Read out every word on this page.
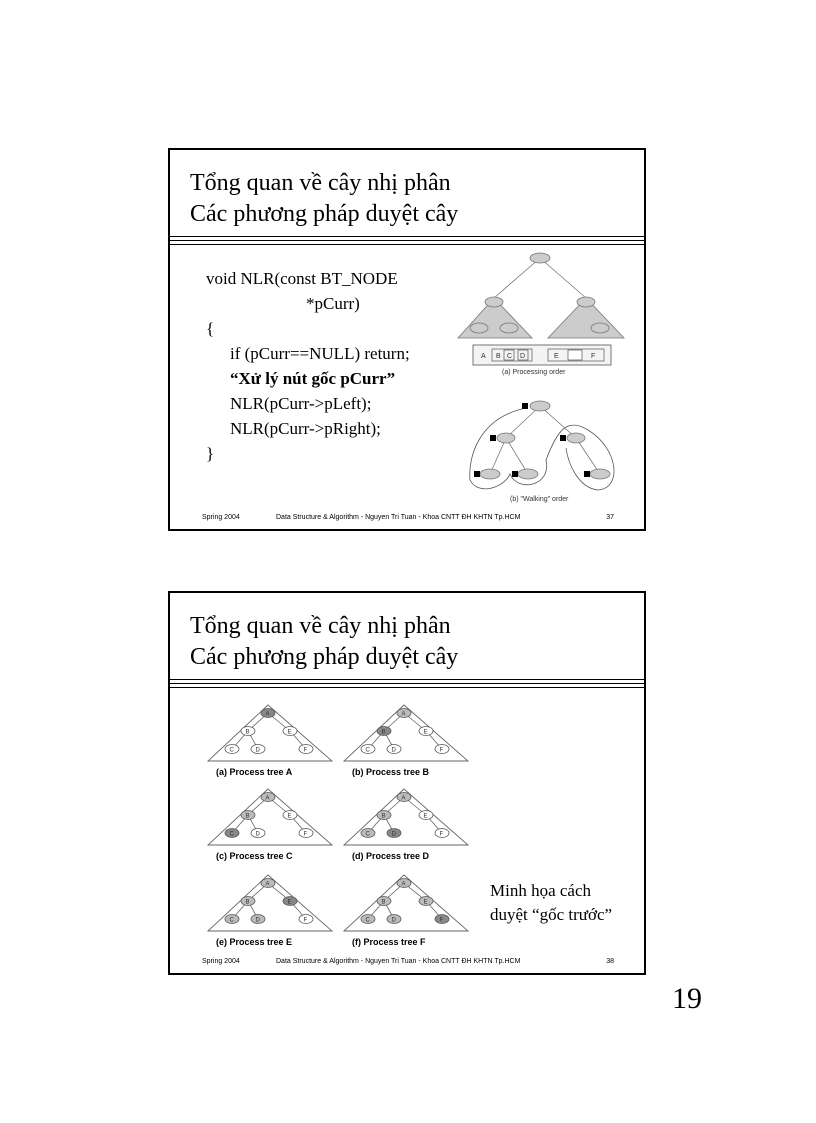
Tổng quan về cây nhị phân
Các phương pháp duyệt cây
void NLR(const BT_NODE
*pCurr)
{
if (pCurr==NULL) return;
“Xử lý nút gốc pCurr”
NLR(pCurr->pLeft);
NLR(pCurr->pRight);
}
A B C D	E	F
(a) Processing order
(b) "Walking" order
Spring 2004	Data Structure & Algorithm - Nguyen Tri Tuan - Khoa CNTT ĐH KHTN Tp.HCM	37
Tổng quan về cây nhị phân
Các phương pháp duyệt cây
A
B
C	D
E
F
A
B
C	D
E
F
A
B
C	D
E
F
A
B
C	D
E
F
A
B
C	D
E
F
A
B
C	D
E
F
(a) Process tree A	(b) Process tree B
(c) Process tree C	(d) Process tree D
(e) Process tree E	(f) Process tree F
Minh họa cách
duyệt “gốc trước”
Spring 2004	Data Structure & Algorithm - Nguyen Tri Tuan - Khoa CNTT ĐH KHTN Tp.HCM	38
19
